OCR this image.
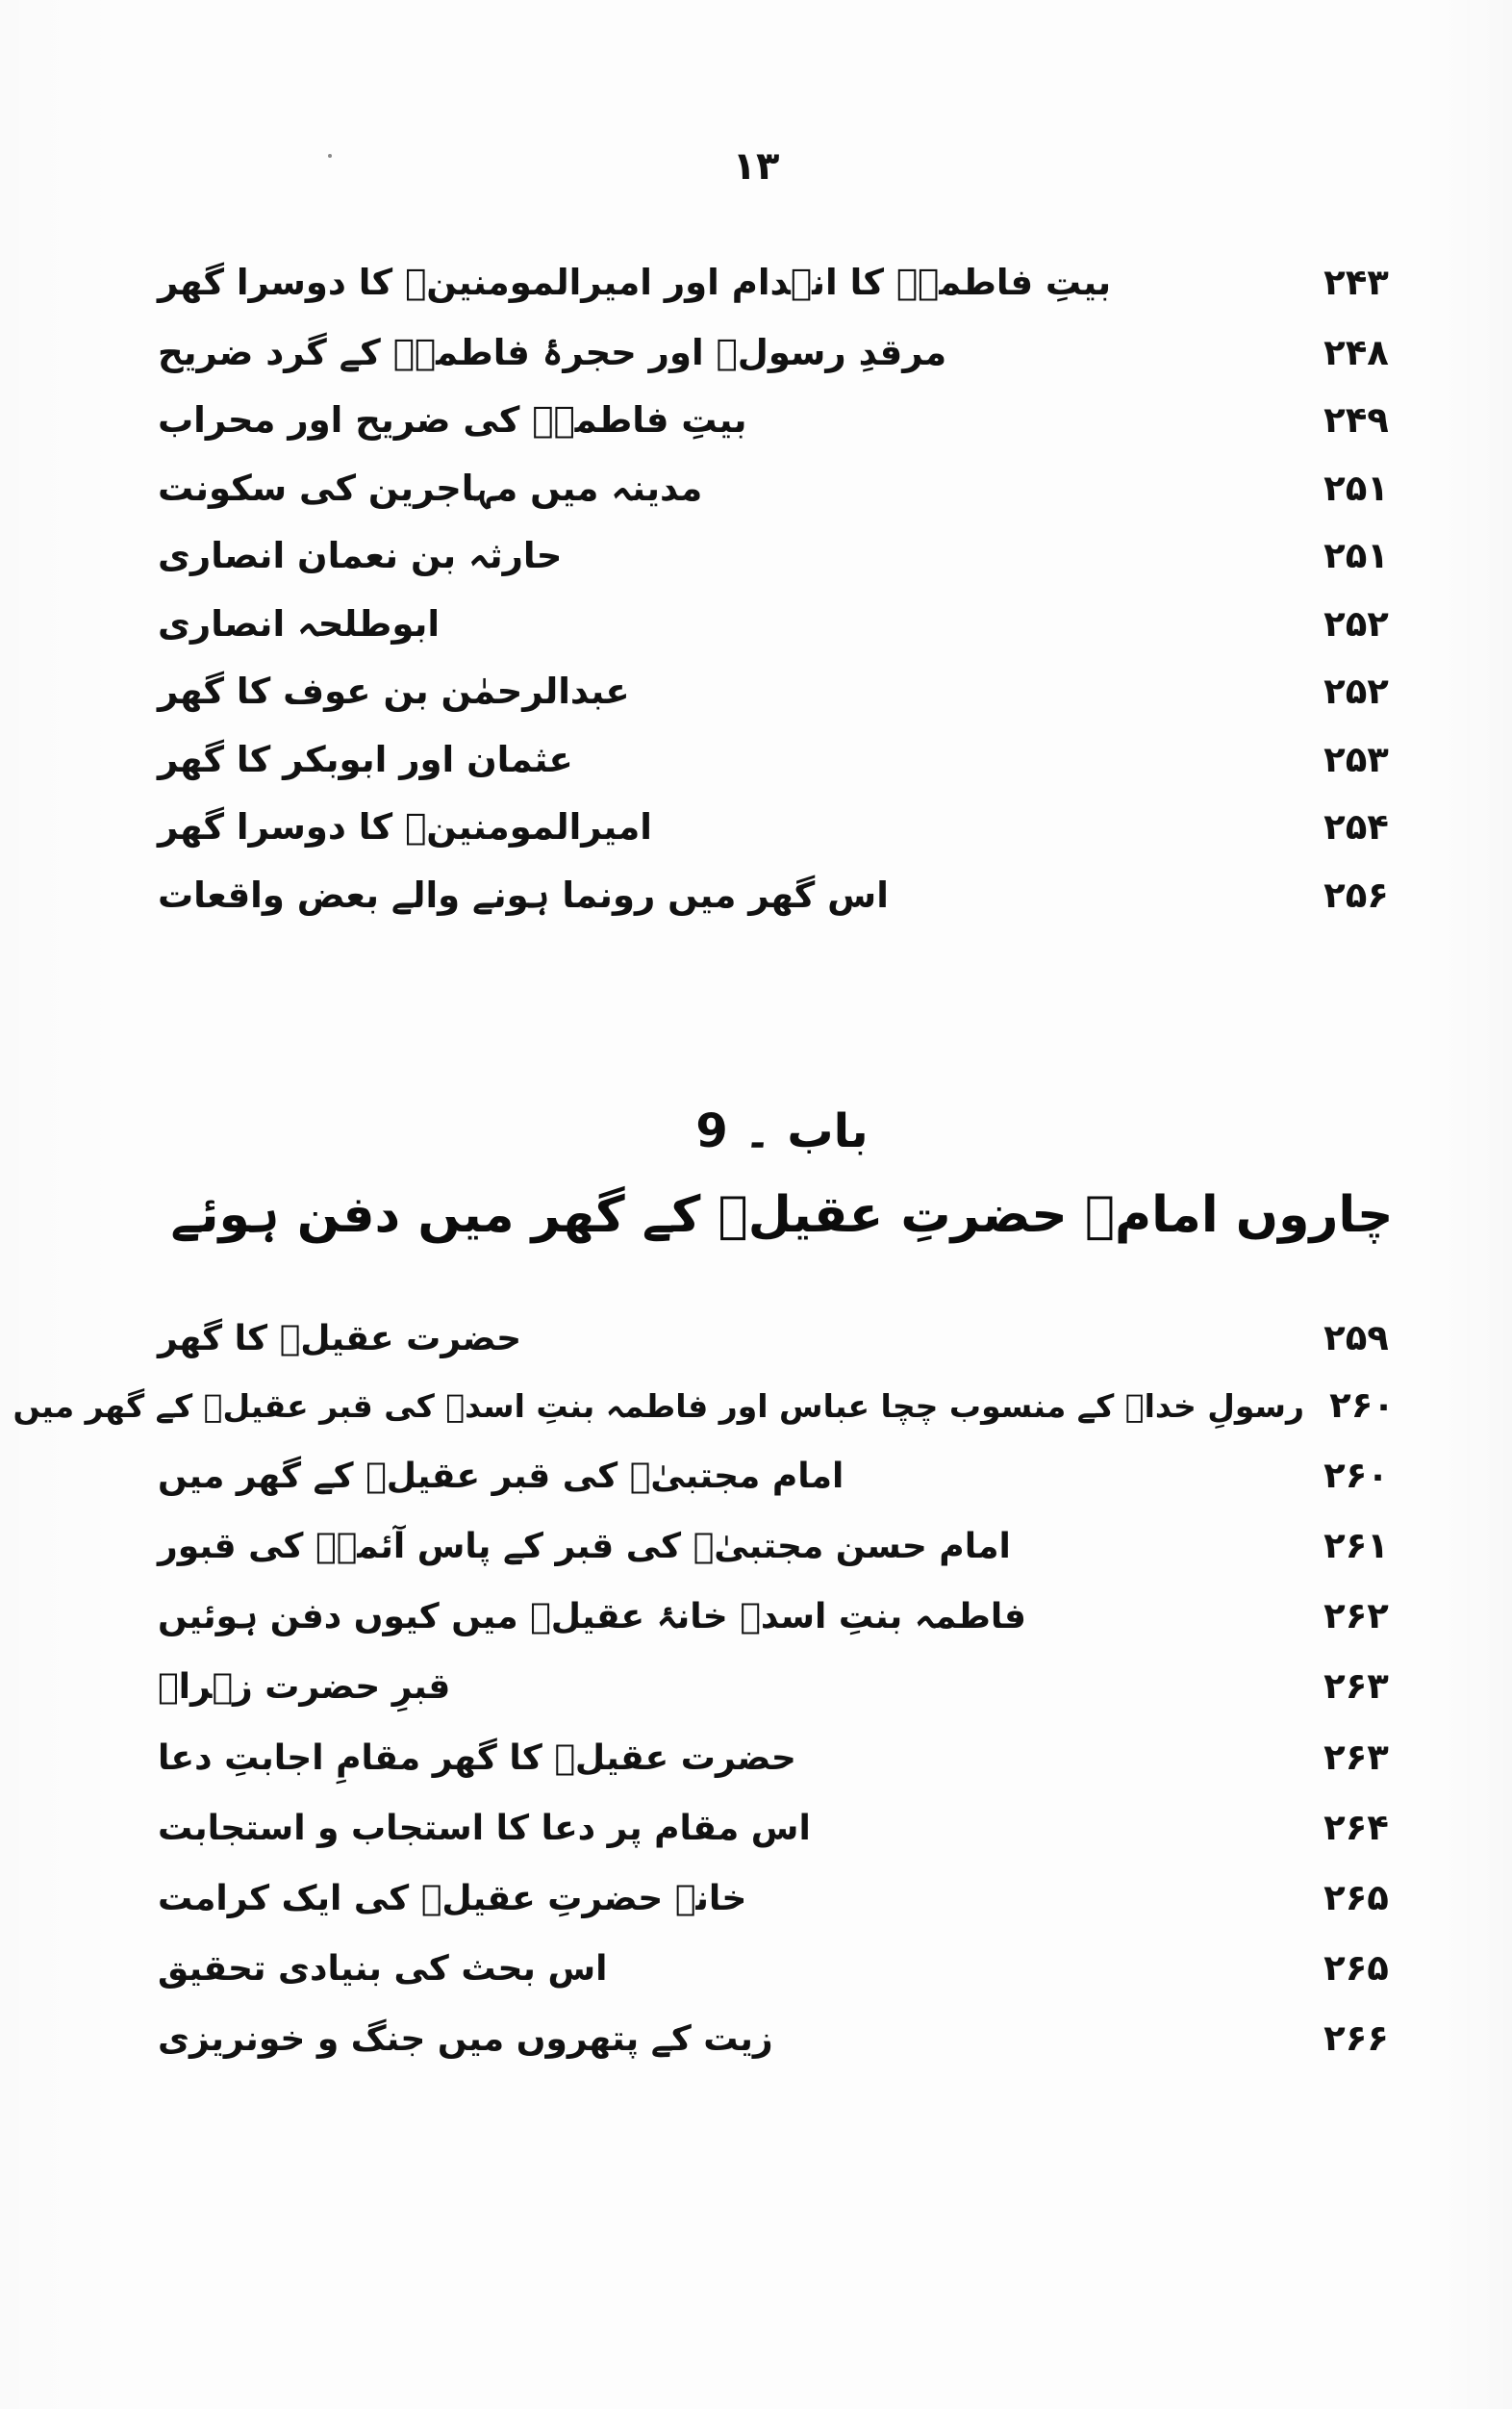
۱۳
۲۴۳
بیتِ فاطمہؑ کا انہدام اور امیرالمومنینؑ کا دوسرا گھر
۲۴۸
مرقدِ رسولؐ اور حجرۂ فاطمہؑ کے گرد ضریح
۲۴۹
بیتِ فاطمہؑ کی ضریح اور محراب
۲۵۱
مدینہ میں مہاجرین کی سکونت
۲۵۱
حارثہ بن نعمان انصاری
۲۵۲
ابوطلحہ انصاری
۲۵۲
عبدالرحمٰن بن عوف کا گھر
۲۵۳
عثمان اور ابوبکر کا گھر
۲۵۴
امیرالمومنینؑ کا دوسرا گھر
۲۵۶
اس گھر میں رونما ہونے والے بعض واقعات
باب ۔ 9
چاروں امامؑ حضرتِ عقیلؑ کے گھر میں دفن ہوئے
۲۵۹
حضرت عقیلؑ کا گھر
۲۶۰
رسولِ خداؐ کے منسوب چچا عباس اور فاطمہ بنتِ اسدؑ کی قبر عقیلؑ کے گھر میں
۲۶۰
امام مجتبیٰؑ کی قبر عقیلؑ کے گھر میں
۲۶۱
امام حسن مجتبیٰؑ کی قبر کے پاس آئمہؑ کی قبور
۲۶۲
فاطمہ بنتِ اسدؑ خانۂ عقیلؑ میں کیوں دفن ہوئیں
۲۶۳
قبرِ حضرت زہراؑ
۲۶۳
حضرت عقیلؑ کا گھر مقامِ اجابتِ دعا
۲۶۴
اس مقام پر دعا کا استجاب و استجابت
۲۶۵
خانۂ حضرتِ عقیلؑ کی ایک کرامت
۲۶۵
اس بحث کی بنیادی تحقیق
۲۶۶
زیت کے پتھروں میں جنگ و خونریزی
